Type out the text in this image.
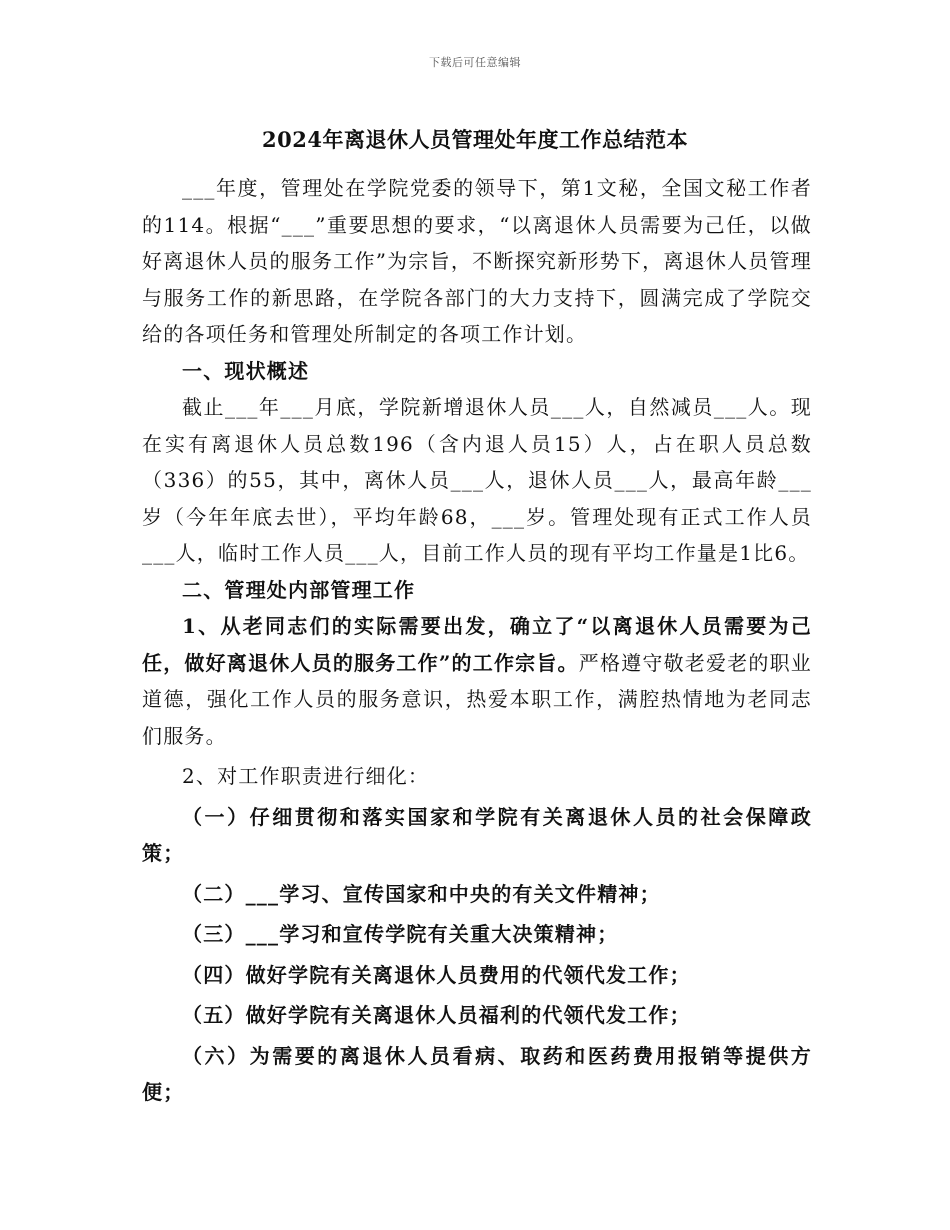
下载后可任意编辑
2024年离退休人员管理处年度工作总结范本

___年度，管理处在学院党委的领导下，第1文秘，全国文秘工作者的114。根据“___”重要思想的要求，“以离退休人员需要为己任，以做好离退休人员的服务工作”为宗旨，不断探究新形势下，离退休人员管理与服务工作的新思路，在学院各部门的大力支持下，圆满完成了学院交给的各项任务和管理处所制定的各项工作计划。

一、现状概述

截止___年___月底，学院新增退休人员___人，自然减员___人。现在实有离退休人员总数196（含内退人员15）人，占在职人员总数（336）的55，其中，离休人员___人，退休人员___人，最高年龄___岁（今年年底去世），平均年龄68，___岁。管理处现有正式工作人员___人，临时工作人员___人，目前工作人员的现有平均工作量是1比6。

二、管理处内部管理工作

1、从老同志们的实际需要出发，确立了“以离退休人员需要为己任，做好离退休人员的服务工作”的工作宗旨。严格遵守敬老爱老的职业道德，强化工作人员的服务意识，热爱本职工作，满腔热情地为老同志们服务。

2、对工作职责进行细化：

（一）仔细贯彻和落实国家和学院有关离退休人员的社会保障政策；

（二）___学习、宣传国家和中央的有关文件精神；

（三）___学习和宣传学院有关重大决策精神；

（四）做好学院有关离退休人员费用的代领代发工作；

（五）做好学院有关离退休人员福利的代领代发工作；

（六）为需要的离退休人员看病、取药和医药费用报销等提供方便；
